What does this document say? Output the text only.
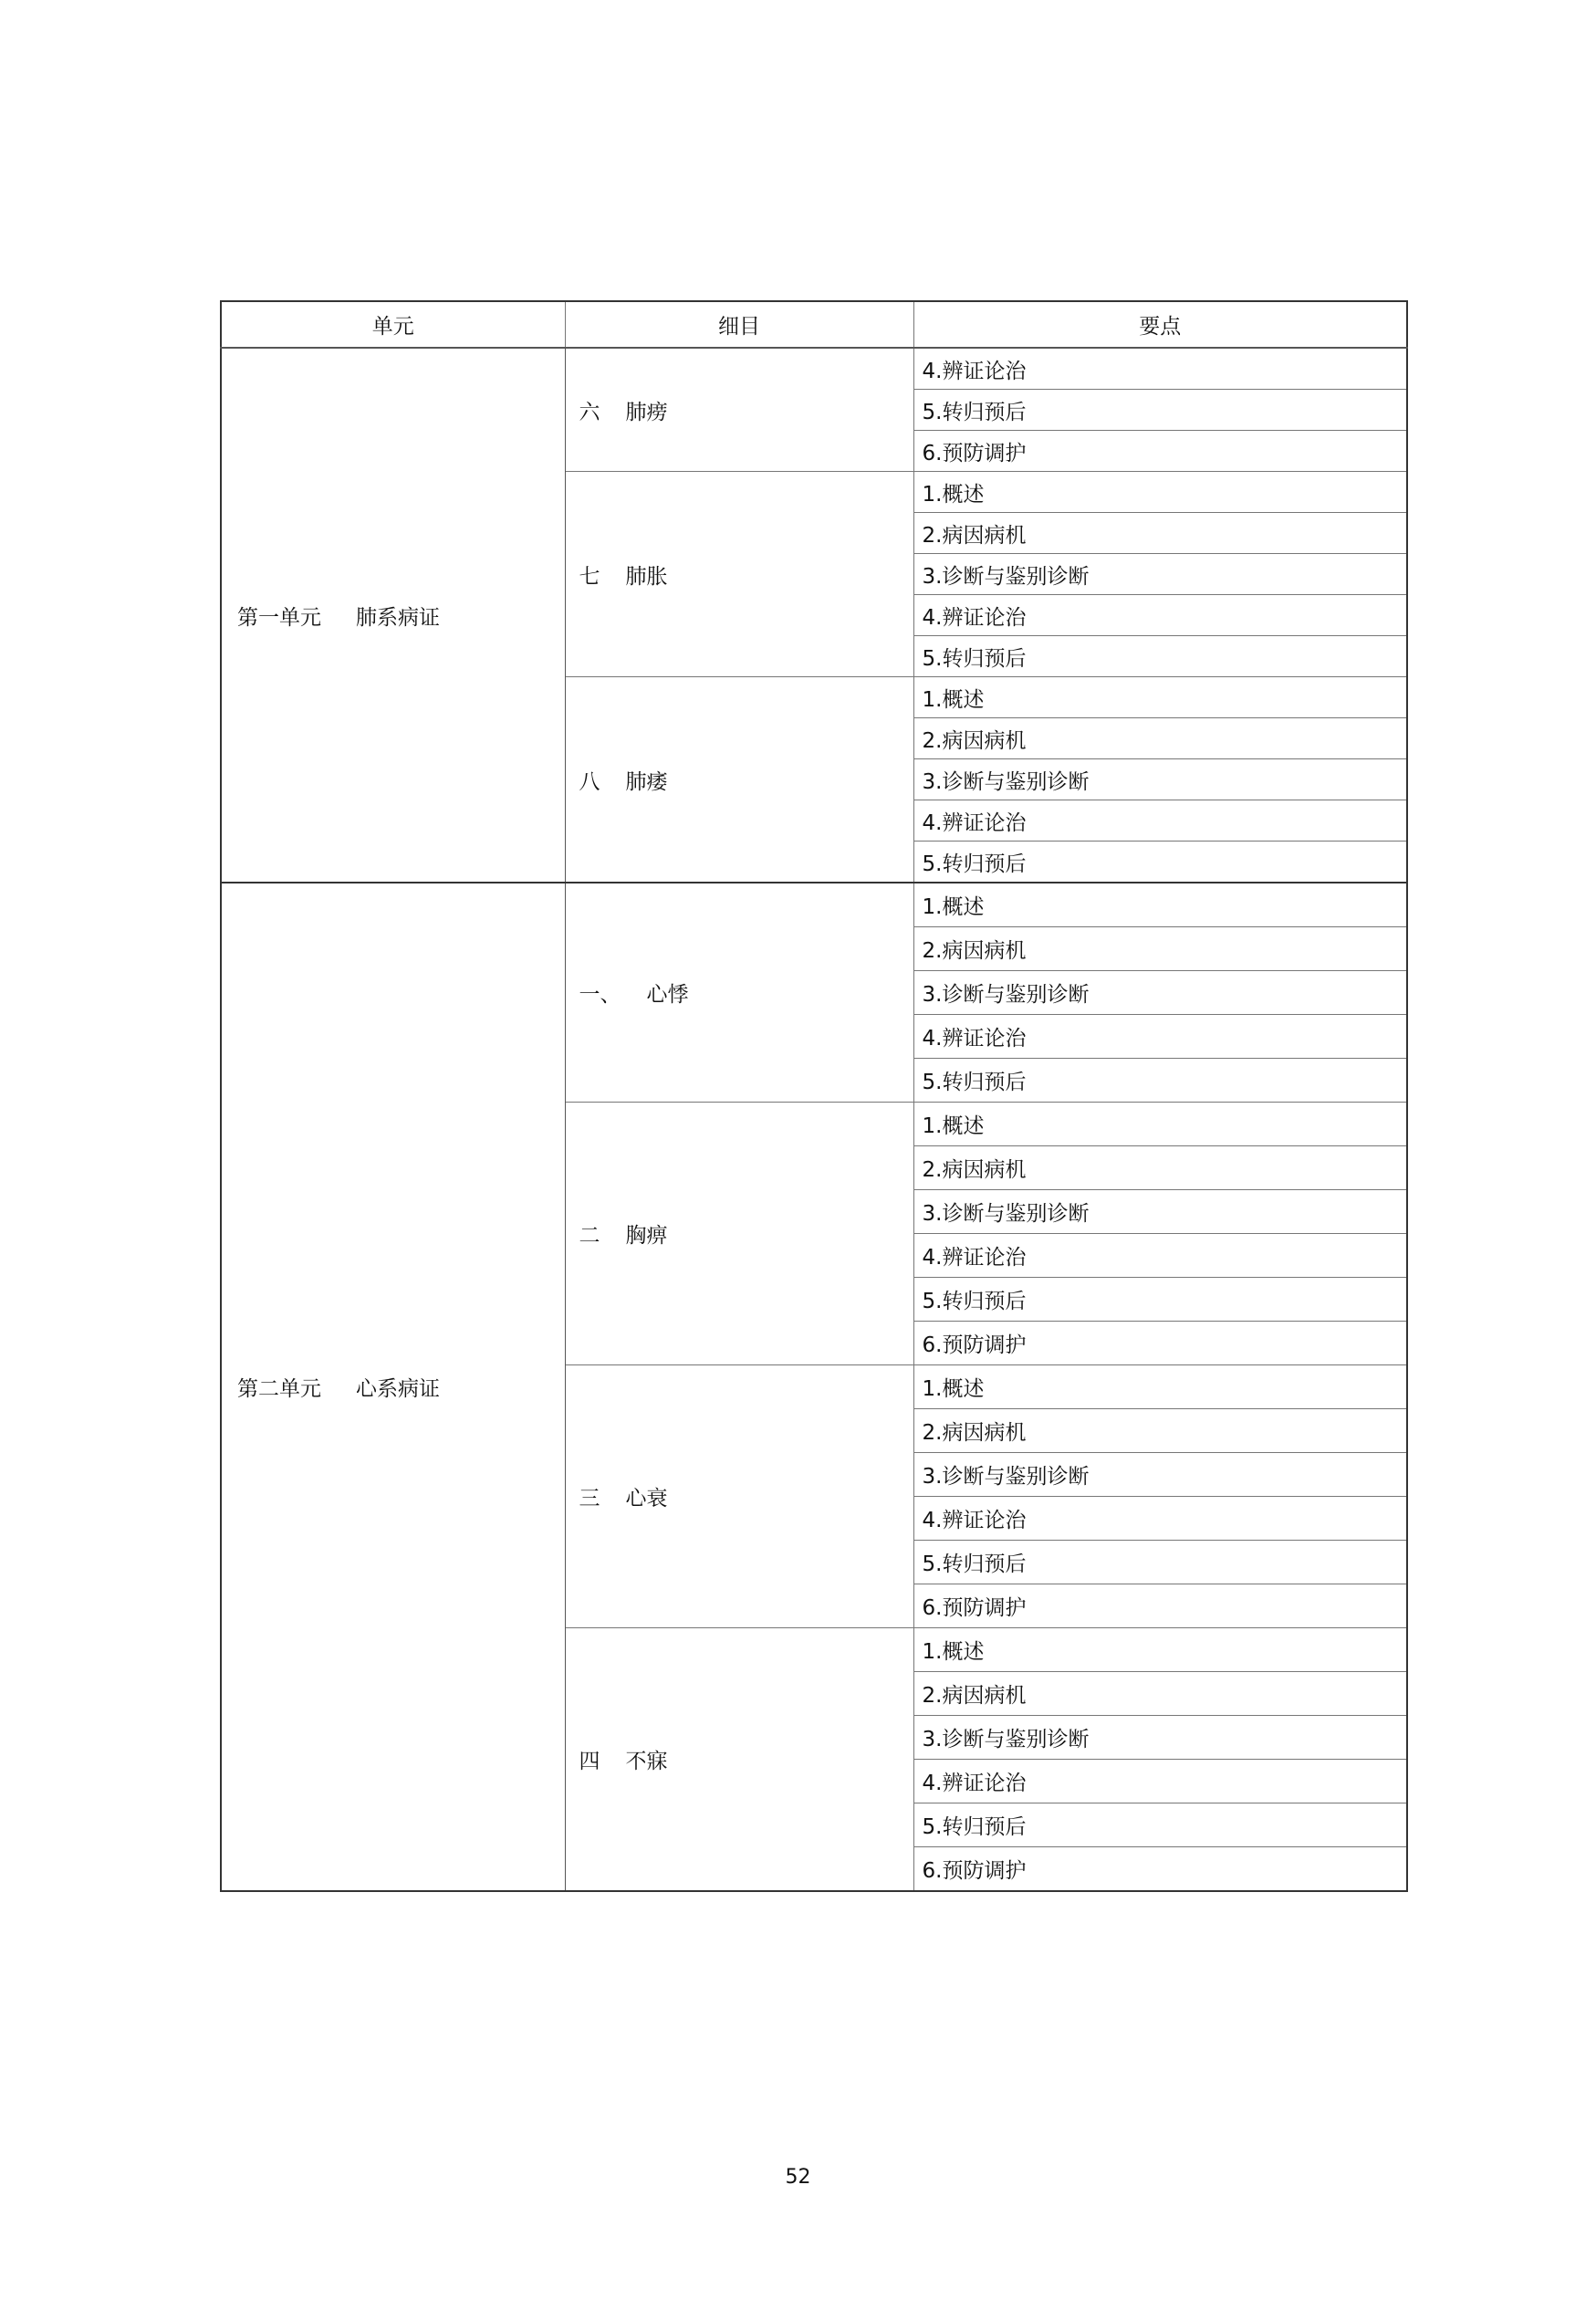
单元	细目	要点
第一单元 肺系病证	六 肺痨	4.辨证论治
		5.转归预后
		6.预防调护
	七 肺胀	1.概述
		2.病因病机
		3.诊断与鉴别诊断
		4.辨证论治
		5.转归预后
	八 肺痿	1.概述
		2.病因病机
		3.诊断与鉴别诊断
		4.辨证论治
		5.转归预后
第二单元 心系病证	一、 心悸	1.概述
		2.病因病机
		3.诊断与鉴别诊断
		4.辨证论治
		5.转归预后
	二 胸痹	1.概述
		2.病因病机
		3.诊断与鉴别诊断
		4.辨证论治
		5.转归预后
		6.预防调护
	三 心衰	1.概述
		2.病因病机
		3.诊断与鉴别诊断
		4.辨证论治
		5.转归预后
		6.预防调护
	四 不寐	1.概述
		2.病因病机
		3.诊断与鉴别诊断
		4.辨证论治
		5.转归预后
		6.预防调护
52
